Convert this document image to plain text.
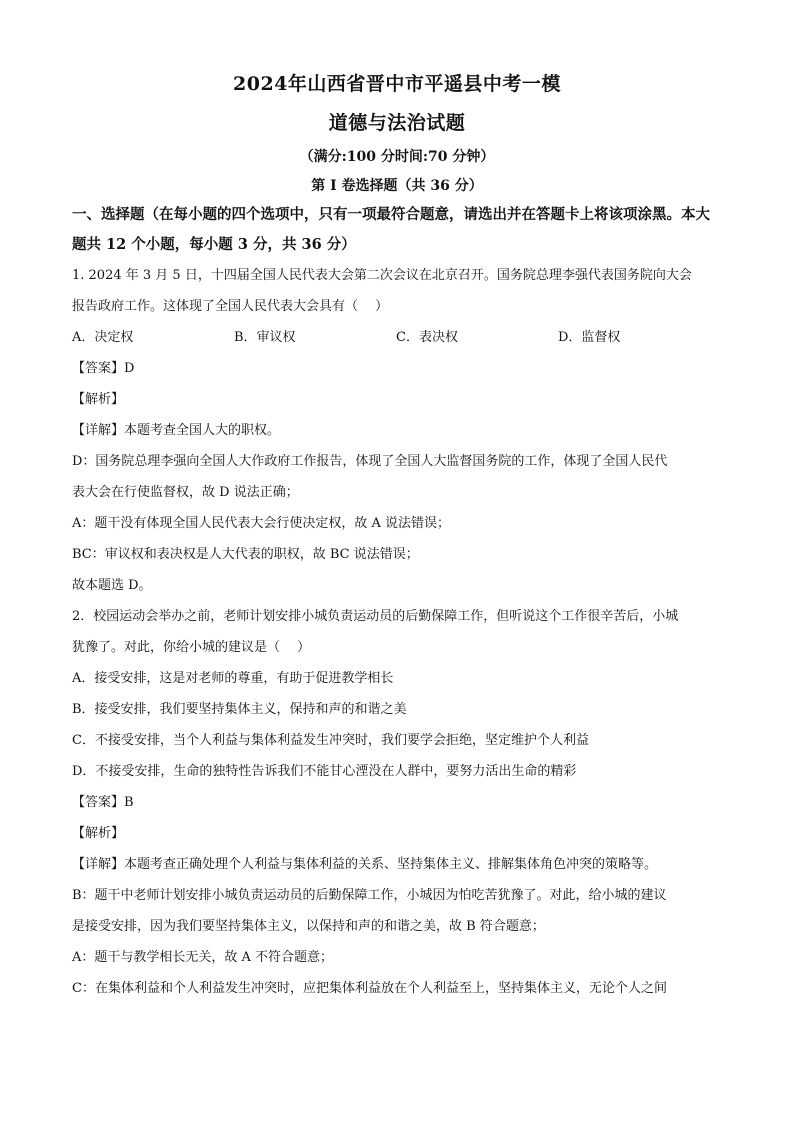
2024年山西省晋中市平遥县中考一模
道德与法治试题
（满分:100 分时间:70 分钟）
第 I 卷选择题（共 36 分）
一、选择题（在每小题的四个选项中，只有一项最符合题意，请选出并在答题卡上将该项涂黑。本大题共 12 个小题，每小题 3 分，共 36 分）

1. 2024 年 3 月 5 日，十四届全国人民代表大会第二次会议在北京召开。国务院总理李强代表国务院向大会

报告政府工作。这体现了全国人民代表大会具有（　 ）

A．决定权	B．审议权	C．表决权	D．监督权

【答案】D

【解析】

【详解】本题考查全国人大的职权。

D：国务院总理李强向全国人大作政府工作报告，体现了全国人大监督国务院的工作，体现了全国人民代

表大会在行使监督权，故 D 说法正确；

A：题干没有体现全国人民代表大会行使决定权，故 A 说法错误；

BC：审议权和表决权是人大代表的职权，故 BC 说法错误；

故本题选 D。

2．校园运动会举办之前，老师计划安排小城负责运动员的后勤保障工作，但听说这个工作很辛苦后，小城

犹豫了。对此，你给小城的建议是（　 ）

A．接受安排，这是对老师的尊重，有助于促进教学相长
B．接受安排，我们要坚持集体主义，保持和声的和谐之美
C．不接受安排，当个人利益与集体利益发生冲突时，我们要学会拒绝，坚定维护个人利益
D．不接受安排，生命的独特性告诉我们不能甘心湮没在人群中，要努力活出生命的精彩

【答案】B

【解析】

【详解】本题考查正确处理个人利益与集体利益的关系、坚持集体主义、排解集体角色冲突的策略等。

B：题干中老师计划安排小城负责运动员的后勤保障工作，小城因为怕吃苦犹豫了。对此，给小城的建议

是接受安排，因为我们要坚持集体主义，以保持和声的和谐之美，故 B 符合题意；

A：题干与教学相长无关，故 A 不符合题意；

C：在集体利益和个人利益发生冲突时，应把集体利益放在个人利益至上，坚持集体主义，无论个人之间
